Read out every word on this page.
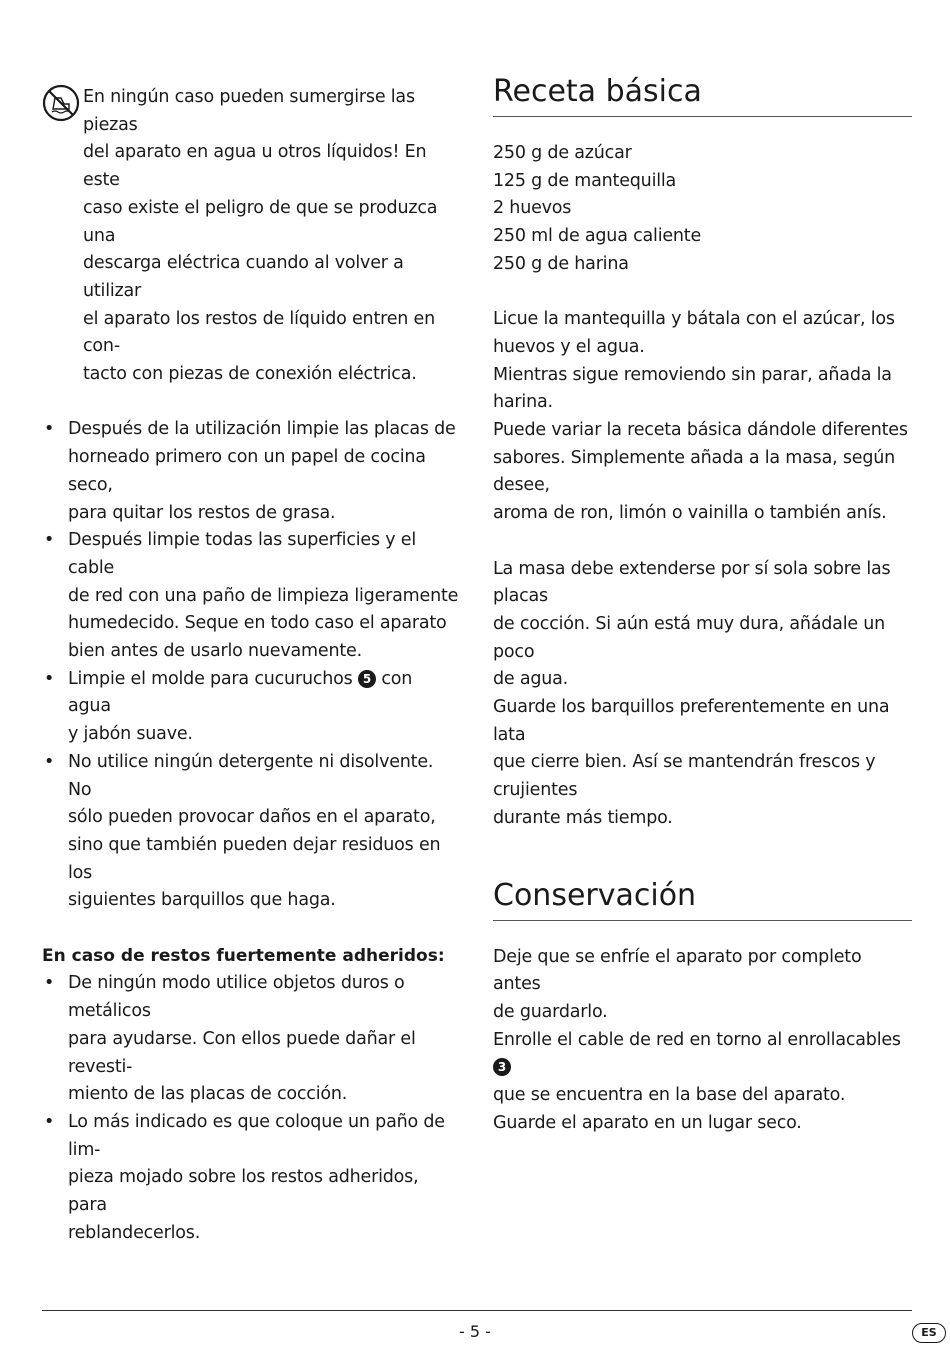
En ningún caso pueden sumergirse las piezas
del aparato en agua u otros líquidos! En este
caso existe el peligro de que se produzca una
descarga eléctrica cuando al volver a utilizar
el aparato los restos de líquido entren en con-
tacto con piezas de conexión eléctrica.

• Después de la utilización limpie las placas de
horneado primero con un papel de cocina seco,
para quitar los restos de grasa.
• Después limpie todas las superficies y el cable
de red con una paño de limpieza ligeramente
humedecido. Seque en todo caso el aparato
bien antes de usarlo nuevamente.
• Limpie el molde para cucuruchos 5 con agua
y jabón suave.
• No utilice ningún detergente ni disolvente. No
sólo pueden provocar daños en el aparato,
sino que también pueden dejar residuos en los
siguientes barquillos que haga.

En caso de restos fuertemente adheridos:

• De ningún modo utilice objetos duros o metálicos
para ayudarse. Con ellos puede dañar el revesti-
miento de las placas de cocción.
• Lo más indicado es que coloque un paño de lim-
pieza mojado sobre los restos adheridos, para
reblandecerlos.
Receta básica

250 g de azúcar
125 g de mantequilla
2 huevos
250 ml de agua caliente
250 g de harina

Licue la mantequilla y bátala con el azúcar, los
huevos y el agua.
Mientras sigue removiendo sin parar, añada la
harina.
Puede variar la receta básica dándole diferentes
sabores. Simplemente añada a la masa, según desee,
aroma de ron, limón o vainilla o también anís.

La masa debe extenderse por sí sola sobre las placas
de cocción. Si aún está muy dura, añádale un poco
de agua.
Guarde los barquillos preferentemente en una lata
que cierre bien. Así se mantendrán frescos y crujientes
durante más tiempo.

Conservación

Deje que se enfríe el aparato por completo antes
de guardarlo.
Enrolle el cable de red en torno al enrollacables 3
que se encuentra en la base del aparato.
Guarde el aparato en un lugar seco.

- 5 -	ES
